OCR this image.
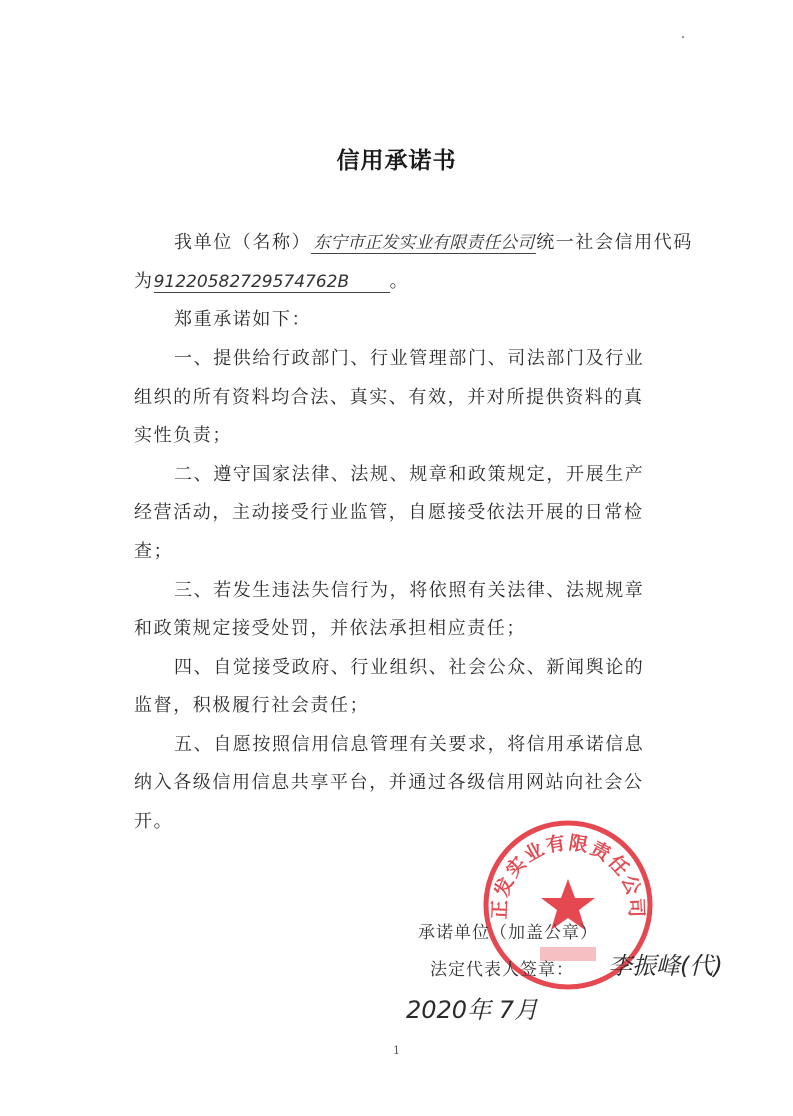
信用承诺书
我单位（名称） 东宁市正发实业有限责任公司 统一社会信用代码
为91220582729574762B 。
郑重承诺如下：
一、提供给行政部门、行业管理部门、司法部门及行业
组织的所有资料均合法、真实、有效，并对所提供资料的真
实性负责；
二、遵守国家法律、法规、规章和政策规定，开展生产
经营活动，主动接受行业监管，自愿接受依法开展的日常检
查；
三、若发生违法失信行为，将依照有关法律、法规规章
和政策规定接受处罚，并依法承担相应责任；
四、自觉接受政府、行业组织、社会公众、新闻舆论的
监督，积极履行社会责任；
五、自愿按照信用信息管理有关要求，将信用承诺信息
纳入各级信用信息共享平台，并通过各级信用网站向社会公
开。
正发实业有限责任公司
承诺单位（加盖公章）
法定代表人签章： 李振峰(代)
2020年 7月
1
